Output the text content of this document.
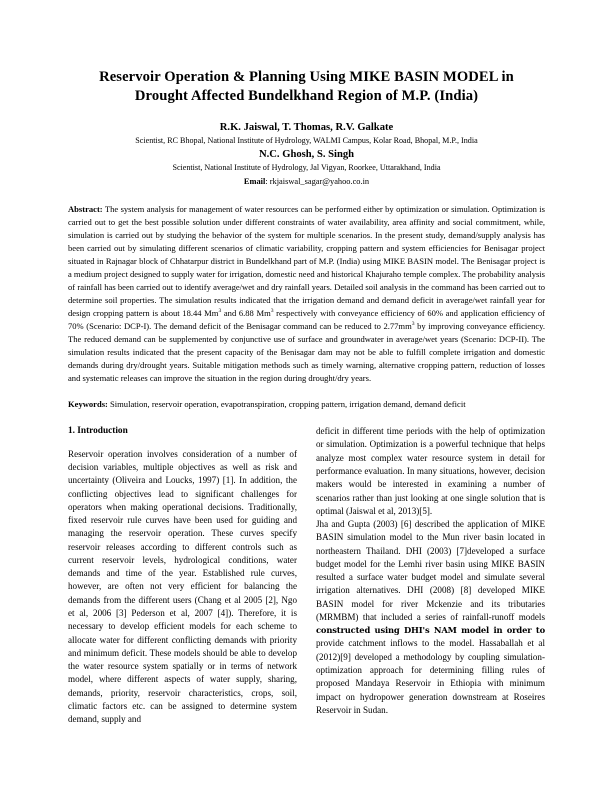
Reservoir Operation & Planning Using MIKE BASIN MODEL in
Drought Affected Bundelkhand Region of M.P. (India)
R.K. Jaiswal, T. Thomas, R.V. Galkate
Scientist, RC Bhopal, National Institute of Hydrology, WALMI Campus, Kolar Road, Bhopal, M.P., India
N.C. Ghosh, S. Singh
Scientist, National Institute of Hydrology, Jal Vigyan, Roorkee, Uttarakhand, India
Email: rkjaiswal_sagar@yahoo.co.in
Abstract: The system analysis for management of water resources can be performed either by optimization or simulation. Optimization is carried out to get the best possible solution under different constraints of water availability, area affinity and social commitment, while, simulation is carried out by studying the behavior of the system for multiple scenarios. In the present study, demand/supply analysis has been carried out by simulating different scenarios of climatic variability, cropping pattern and system efficiencies for Benisagar project situated in Rajnagar block of Chhatarpur district in Bundelkhand part of M.P. (India) using MIKE BASIN model. The Benisagar project is a medium project designed to supply water for irrigation, domestic need and historical Khajuraho temple complex. The probability analysis of rainfall has been carried out to identify average/wet and dry rainfall years. Detailed soil analysis in the command has been carried out to determine soil properties. The simulation results indicated that the irrigation demand and demand deficit in average/wet rainfall year for design cropping pattern is about 18.44 Mm$^3$ and 6.88 Mm$^3$ respectively with conveyance efficiency of 60% and application efficiency of 70% (Scenario: DCP-I). The demand deficit of the Benisagar command can be reduced to $2.77mm^3$ by improving conveyance efficiency. The reduced demand can be supplemented by conjunctive use of surface and groundwater in average/wet years (Scenario: DCP-II). The simulation results indicated that the present capacity of the Benisagar dam may not be able to fulfill complete irrigation and domestic demands during dry/drought years. Suitable mitigation methods such as timely warning, alternative cropping pattern, reduction of losses and systematic releases can improve the situation in the region during drought/dry years.
Keywords: Simulation, reservoir operation, evapotranspiration, cropping pattern, irrigation demand, demand deficit
1. Introduction

Reservoir operation involves consideration of a number of decision variables, multiple objectives as well as risk and uncertainty (Oliveira and Loucks, 1997) [1]. In addition, the conflicting objectives lead to significant challenges for operators when making operational decisions. Traditionally, fixed reservoir rule curves have been used for guiding and managing the reservoir operation. These curves specify reservoir releases according to different controls such as current reservoir levels, hydrological conditions, water demands and time of the year. Established rule curves, however, are often not very efficient for balancing the demands from the different users (Chang et al 2005 [2], Ngo et al, 2006 [3] Pederson et al, 2007 [4]). Therefore, it is necessary to develop efficient models for each scheme to allocate water for different conflicting demands with priority and minimum deficit. These models should be able to develop the water resource system spatially or in terms of network model, where different aspects of water supply, sharing, demands, priority, reservoir characteristics, crops, soil, climatic factors etc. can be assigned to determine system demand, supply and

deficit in different time periods with the help of optimization or simulation. Optimization is a powerful technique that helps analyze most complex water resource system in detail for performance evaluation. In many situations, however, decision makers would be interested in examining a number of scenarios rather than just looking at one single solution that is optimal (Jaiswal et al, 2013)[5].

Jha and Gupta (2003) [6] described the application of MIKE BASIN simulation model to the Mun river basin located in northeastern Thailand. DHI (2003) [7]developed a surface budget model for the Lemhi river basin using MIKE BASIN resulted a surface water budget model and simulate several irrigation alternatives. DHI (2008) [8] developed MIKE BASIN model for river Mckenzie and its tributaries (MRMBM) that included a series of rainfall-runoff models constructed using DHI's NAM model in order to provide catchment inflows to the model. Hassaballah et al (2012)[9] developed a methodology by coupling simulation-optimization approach for determining filling rules of proposed Mandaya Reservoir in Ethiopia with minimum impact on hydropower generation downstream at Roseires Reservoir in Sudan.
